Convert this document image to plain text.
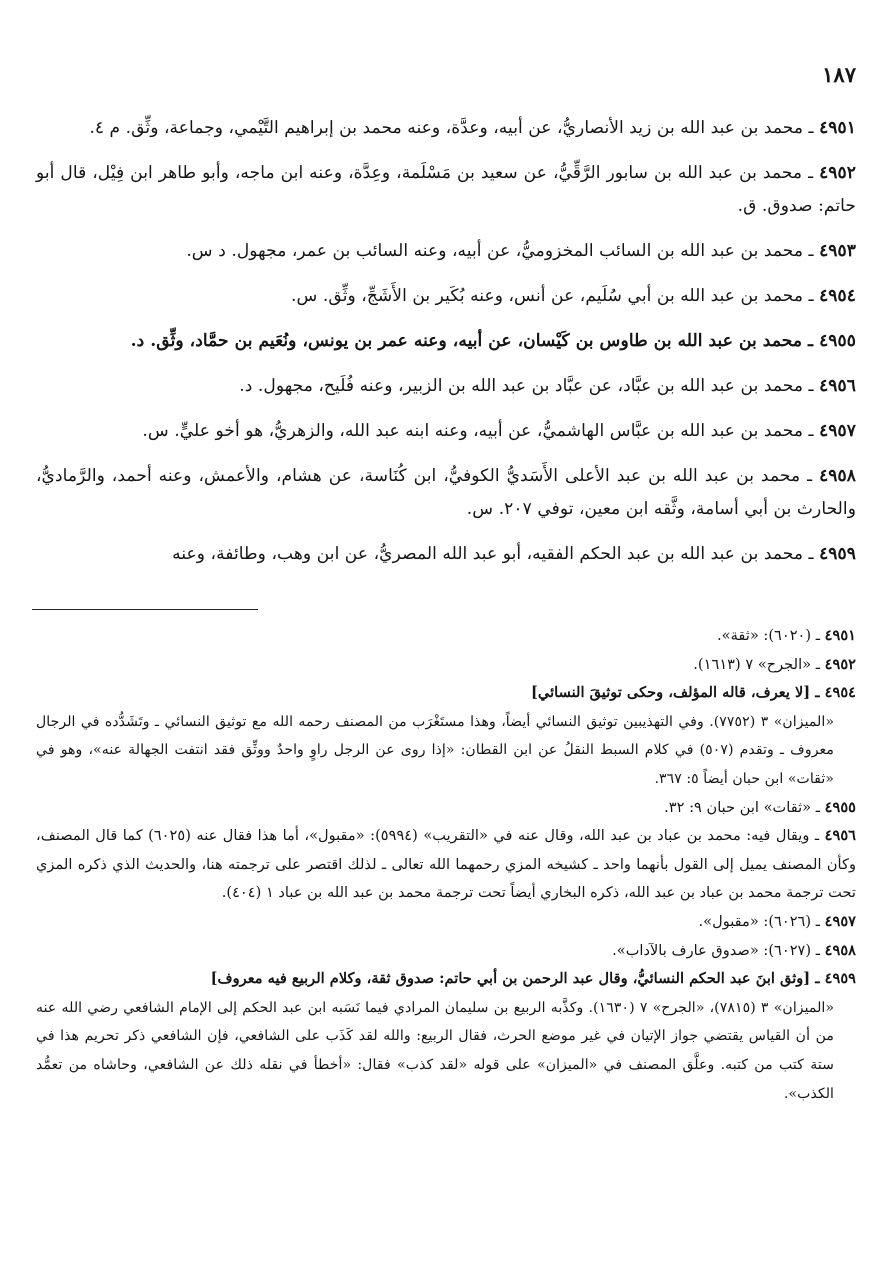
١٨٧

٤٩٥١ ـ محمد بن عبد الله بن زيد الأنصاريُّ، عن أبيه، وعدَّة، وعنه محمد بن إبراهيم التَّيْمي، وجماعة، وثِّق. م ٤.

٤٩٥٢ ـ محمد بن عبد الله بن سابور الرَّقِّيُّ، عن سعيد بن مَسْلَمة، وعِدَّة، وعنه ابن ماجه، وأبو طاهر ابن فِيْل، قال أبو حاتم: صدوق. ق.

٤٩٥٣ ـ محمد بن عبد الله بن السائب المخزوميُّ، عن أبيه، وعنه السائب بن عمر، مجهول. د س.

٤٩٥٤ ـ محمد بن عبد الله بن أبي سُلَيم، عن أنس، وعنه بُكَير بن الأَشَجِّ، وثِّق. س.

٤٩٥٥ ـ محمد بن عبد الله بن طاوس بن كَيْسان، عن أبيه، وعنه عمر بن يونس، ونُعَيم بن حمَّاد، وثِّق. د.

٤٩٥٦ ـ محمد بن عبد الله بن عبَّاد، عن عبَّاد بن عبد الله بن الزبير، وعنه فُلَيح، مجهول. د.

٤٩٥٧ ـ محمد بن عبد الله بن عبَّاس الهاشميُّ، عن أبيه، وعنه ابنه عبد الله، والزهريُّ، هو أخو عليٍّ. س.

٤٩٥٨ ـ محمد بن عبد الله بن عبد الأعلى الأَسَديُّ الكوفيُّ، ابن كُنَاسة، عن هشام، والأعمش، وعنه أحمد، والرَّماديُّ، والحارث بن أبي أسامة، وثَّقه ابن معين، توفي ٢٠٧. س.

٤٩٥٩ ـ محمد بن عبد الله بن عبد الحكم الفقيه، أبو عبد الله المصريُّ، عن ابن وهب، وطائفة، وعنه

٤٩٥١ ـ (٦٠٢٠): «ثقة».

٤٩٥٢ ـ «الجرح» ٧ (١٦١٣).

٤٩٥٤ ـ [لا يعرف، قاله المؤلف، وحكى توثيقَ النسائي]

«الميزان» ٣ (٧٧٥٢). وفي التهذيبين توثيق النسائي أيضاً، وهذا مستَغْرَب من المصنف رحمه الله مع توثيق النسائي ـ وتَشَدُّده في الرجال معروف ـ وتقدم (٥٠٧) في كلام السبط النقلُ عن ابن القطان: «إذا روى عن الرجل راوٍ واحدٌ ووثِّق فقد انتفت الجهالة عنه»، وهو في «ثقات» ابن حبان أيضاً ٥: ٣٦٧.

٤٩٥٥ ـ «ثقات» ابن حبان ٩: ٣٢.

٤٩٥٦ ـ ويقال فيه: محمد بن عباد بن عبد الله، وقال عنه في «التقريب» (٥٩٩٤): «مقبول»، أما هذا فقال عنه (٦٠٢٥) كما قال المصنف، وكأن المصنف يميل إلى القول بأنهما واحد ـ كشيخه المزي رحمهما الله تعالى ـ لذلك اقتصر على ترجمته هنا، والحديث الذي ذكره المزي تحت ترجمة محمد بن عباد بن عبد الله، ذكره البخاري أيضاً تحت ترجمة محمد بن عبد الله بن عباد ١ (٤٠٤).

٤٩٥٧ ـ (٦٠٢٦): «مقبول».

٤٩٥٨ ـ (٦٠٢٧): «صدوق عارف بالآداب».

٤٩٥٩ ـ [وثق ابنَ عبد الحكم النسائيُّ، وقال عبد الرحمن بن أبي حاتم: صدوق ثقة، وكلام الربيع فيه معروف]

«الميزان» ٣ (٧٨١٥)، «الجرح» ٧ (١٦٣٠). وكذَّبه الربيع بن سليمان المرادي فيما نَسَبه ابن عبد الحكم إلى الإمام الشافعي رضي الله عنه من أن القياس يقتضي جواز الإتيان في غير موضع الحرث، فقال الربيع: والله لقد كَذَب على الشافعي، فإن الشافعي ذكر تحريم هذا في ستة كتب من كتبه. وعلَّق المصنف في «الميزان» على قوله «لقد كذب» فقال: «أخطأ في نقله ذلك عن الشافعي، وحاشاه من تعمُّد الكذب».
